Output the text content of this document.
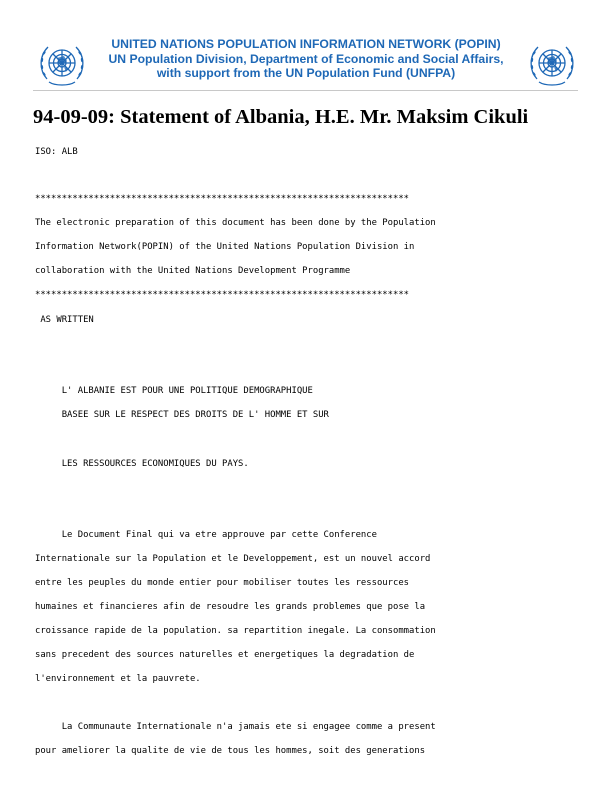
UNITED NATIONS POPULATION INFORMATION NETWORK (POPIN)
UN Population Division, Department of Economic and Social Affairs,
with support from the UN Population Fund (UNFPA)
94-09-09: Statement of Albania, H.E. Mr. Maksim Cikuli
ISO: ALB
**********************************************************************
The electronic preparation of this document has been done by the Population
Information Network(POPIN) of the United Nations Population Division in
collaboration with the United Nations Development Programme
**********************************************************************
AS WRITTEN
L' ALBANIE EST POUR UNE POLITIQUE DEMOGRAPHIQUE
BASEE SUR LE RESPECT DES DROITS DE L' HOMME ET SUR
LES RESSOURCES ECONOMIQUES DU PAYS.
Le Document Final qui va etre approuve par cette Conference
Internationale sur la Population et le Developpement, est un nouvel accord
entre les peuples du monde entier pour mobiliser toutes les ressources
humaines et financieres afin de resoudre les grands problemes que pose la
croissance rapide de la population. sa repartition inegale. La consommation
sans precedent des sources naturelles et energetiques la degradation de
l'environnement et la pauvrete.
La Communaute Internationale n'a jamais ete si engagee comme a present
pour ameliorer la qualite de vie de tous les hommes, soit des generations
